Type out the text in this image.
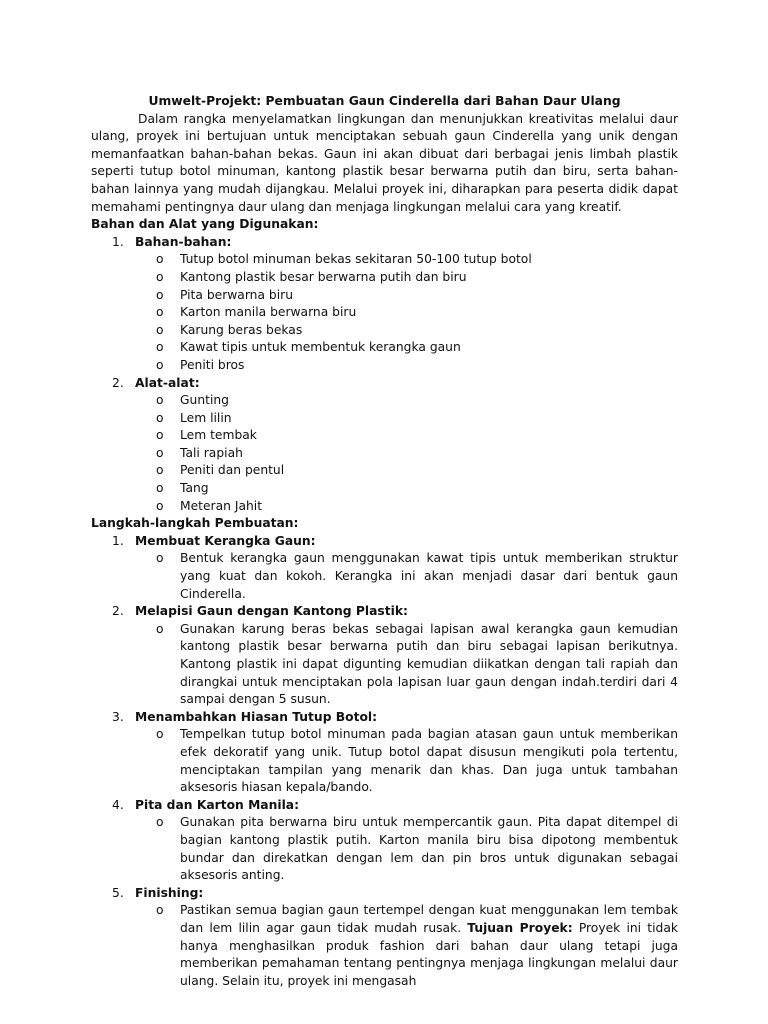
Umwelt-Projekt: Pembuatan Gaun Cinderella dari Bahan Daur Ulang

Dalam rangka menyelamatkan lingkungan dan menunjukkan kreativitas melalui daur ulang, proyek ini bertujuan untuk menciptakan sebuah gaun Cinderella yang unik dengan memanfaatkan bahan-bahan bekas. Gaun ini akan dibuat dari berbagai jenis limbah plastik seperti tutup botol minuman, kantong plastik besar berwarna putih dan biru, serta bahan-bahan lainnya yang mudah dijangkau. Melalui proyek ini, diharapkan para peserta didik dapat memahami pentingnya daur ulang dan menjaga lingkungan melalui cara yang kreatif.

Bahan dan Alat yang Digunakan:

1. Bahan-bahan:
o Tutup botol minuman bekas sekitaran 50-100 tutup botol
o Kantong plastik besar berwarna putih dan biru
o Pita berwarna biru
o Karton manila berwarna biru
o Karung beras bekas
o Kawat tipis untuk membentuk kerangka gaun
o Peniti bros
2. Alat-alat:
o Gunting
o Lem lilin
o Lem tembak
o Tali rapiah
o Peniti dan pentul
o Tang
o Meteran Jahit

Langkah-langkah Pembuatan:

1. Membuat Kerangka Gaun:
o Bentuk kerangka gaun menggunakan kawat tipis untuk memberikan struktur yang kuat dan kokoh. Kerangka ini akan menjadi dasar dari bentuk gaun Cinderella.
2. Melapisi Gaun dengan Kantong Plastik:
o Gunakan karung beras bekas sebagai lapisan awal kerangka gaun kemudian kantong plastik besar berwarna putih dan biru sebagai lapisan berikutnya. Kantong plastik ini dapat digunting kemudian diikatkan dengan tali rapiah dan dirangkai untuk menciptakan pola lapisan luar gaun dengan indah.terdiri dari 4 sampai dengan 5 susun.
3. Menambahkan Hiasan Tutup Botol:
o Tempelkan tutup botol minuman pada bagian atasan gaun untuk memberikan efek dekoratif yang unik. Tutup botol dapat disusun mengikuti pola tertentu, menciptakan tampilan yang menarik dan khas. Dan juga untuk tambahan aksesoris hiasan kepala/bando.
4. Pita dan Karton Manila:
o Gunakan pita berwarna biru untuk mempercantik gaun. Pita dapat ditempel di bagian kantong plastik putih. Karton manila biru bisa dipotong membentuk bundar dan direkatkan dengan lem dan pin bros untuk digunakan sebagai aksesoris anting.
5. Finishing:
o Pastikan semua bagian gaun tertempel dengan kuat menggunakan lem tembak dan lem lilin agar gaun tidak mudah rusak. Tujuan Proyek: Proyek ini tidak hanya menghasilkan produk fashion dari bahan daur ulang tetapi juga memberikan pemahaman tentang pentingnya menjaga lingkungan melalui daur ulang. Selain itu, proyek ini mengasah
